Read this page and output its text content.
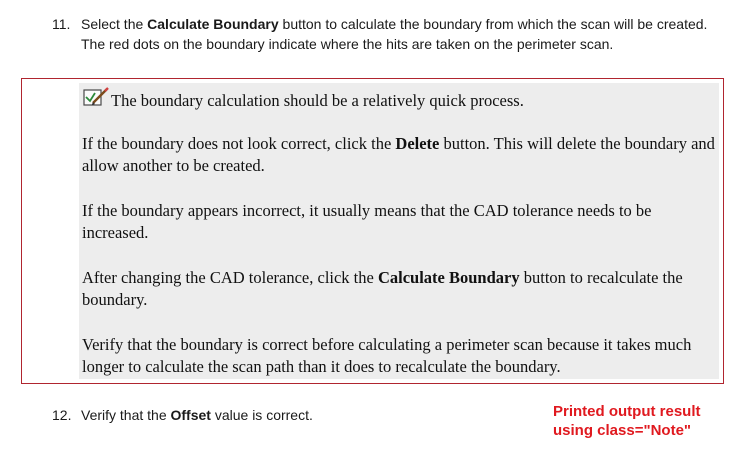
11. Select the Calculate Boundary button to calculate the boundary from which the scan will be created. The red dots on the boundary indicate where the hits are taken on the perimeter scan.

The boundary calculation should be a relatively quick process.

If the boundary does not look correct, click the Delete button. This will delete the boundary and allow another to be created.

If the boundary appears incorrect, it usually means that the CAD tolerance needs to be increased.

After changing the CAD tolerance, click the Calculate Boundary button to recalculate the boundary.

Verify that the boundary is correct before calculating a perimeter scan because it takes much longer to calculate the scan path than it does to recalculate the boundary.

12. Verify that the Offset value is correct.	Printed output result
using class="Note"
